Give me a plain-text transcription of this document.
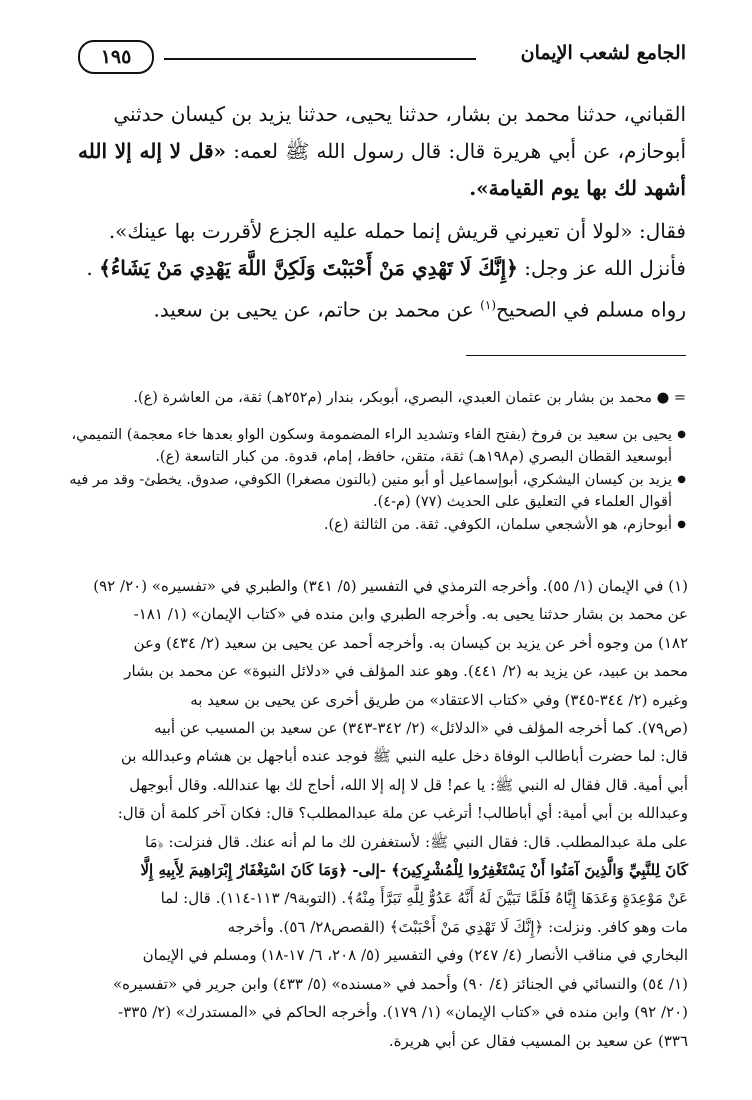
الجامع لشعب الإيمان
١٩٥

القباني، حدثنا محمد بن بشار، حدثنا يحيى، حدثنا يزيد بن كيسان حدثني

أبوحازم، عن أبي هريرة قال: قال رسول الله ﷺ لعمه: «قل لا إله إلا الله أشهد لك بها يوم القيامة».

فقال: «لولا أن تعيرني قريش إنما حمله عليه الجزع لأقررت بها عينك».

فأنزل الله عز وجل: ﴿إِنَّكَ لَا تَهْدِي مَنْ أَحْبَبْتَ وَلَكِنَّ اللَّهَ يَهْدِي مَنْ يَشَاءُ﴾ .

رواه مسلم في الصحيح$^{(١)}$ عن محمد بن حاتم، عن يحيى بن سعيد.

= ● محمد بن بشار بن عثمان العبدي، البصري، أبوبكر، بندار (م٢٥٢هـ) ثقة، من العاشرة (ع).

● يحيى بن سعيد بن فروخ (بفتح الفاء وتشديد الراء المضمومة وسكون الواو بعدها خاء معجمة) التميمي، أبوسعيد القطان البصري (م١٩٨هـ) ثقة، متقن، حافظ، إمام، قدوة. من كبار التاسعة (ع).

● يزيد بن كيسان اليشكري، أبوإسماعيل أو أبو منين (بالنون مصغرا) الكوفي، صدوق. يخطئ- وقد مر فيه أقوال العلماء في التعليق على الحديث (٧٧) (م-٤).

● أبوحازم، هو الأشجعي سلمان، الكوفي. ثقة. من الثالثة (ع).

(١) في الإيمان (١/ ٥٥). وأخرجه الترمذي في التفسير (٥/ ٣٤١) والطبري في «تفسيره» (٢٠/ ٩٢)

عن محمد بن بشار حدثنا يحيى به. وأخرجه الطبري وابن منده في «كتاب الإيمان» (١/ ١٨١-

١٨٢) من وجوه أخر عن يزيد بن كيسان به. وأخرجه أحمد عن يحيى بن سعيد (٢/ ٤٣٤) وعن

محمد بن عبيد، عن يزيد به (٢/ ٤٤١). وهو عند المؤلف في «دلائل النبوة» عن محمد بن بشار

وغيره (٢/ ٣٤٤-٣٤٥) وفي «كتاب الاعتقاد» من طريق أخرى عن يحيى بن سعيد به

(ص٧٩). كما أخرجه المؤلف في «الدلائل» (٢/ ٣٤٢-٣٤٣) عن سعيد بن المسيب عن أبيه

قال: لما حضرت أباطالب الوفاة دخل عليه النبي ﷺ فوجد عنده أباجهل بن هشام وعبدالله بن

أبي أمية. قال فقال له النبي ﷺ: يا عم! قل لا إله إلا الله، أحاج لك بها عندالله. وقال أبوجهل

وعبدالله بن أبي أمية: أي أباطالب! أترغب عن ملة عبدالمطلب؟ قال: فكان آخر كلمة أن قال:

على ملة عبدالمطلب. قال: فقال النبي ﷺ: لأستغفرن لك ما لم أنه عنك. قال فنزلت: ﴿مَا

كَانَ لِلنَّبِيِّ وَالَّذِينَ آمَنُوا أَنْ يَسْتَغْفِرُوا لِلْمُشْرِكِينَ﴾ -إلى- ﴿وَمَا كَانَ اسْتِغْفَارُ إِبْرَاهِيمَ لِأَبِيهِ إِلَّا

عَنْ مَوْعِدَةٍ وَعَدَهَا إِيَّاهُ فَلَمَّا تَبَيَّنَ لَهُ أَنَّهُ عَدُوٌّ لِلَّهِ تَبَرَّأَ مِنْهُ﴾. (التوبة٩/ ١١٣-١١٤). قال: لما

مات وهو كافر. ونزلت: ﴿إِنَّكَ لَا تَهْدِي مَنْ أَحْبَبْتَ﴾ (القصص٢٨/ ٥٦). وأخرجه

البخاري في مناقب الأنصار (٤/ ٢٤٧) وفي التفسير (٥/ ٢٠٨، ٦/ ١٧-١٨) ومسلم في الإيمان

(١/ ٥٤) والنسائي في الجنائز (٤/ ٩٠) وأحمد في «مسنده» (٥/ ٤٣٣) وابن جرير في «تفسيره»

(٢٠/ ٩٢) وابن منده في «كتاب الإيمان» (١/ ١٧٩). وأخرجه الحاكم في «المستدرك» (٢/ ٣٣٥-

٣٣٦) عن سعيد بن المسيب فقال عن أبي هريرة.
